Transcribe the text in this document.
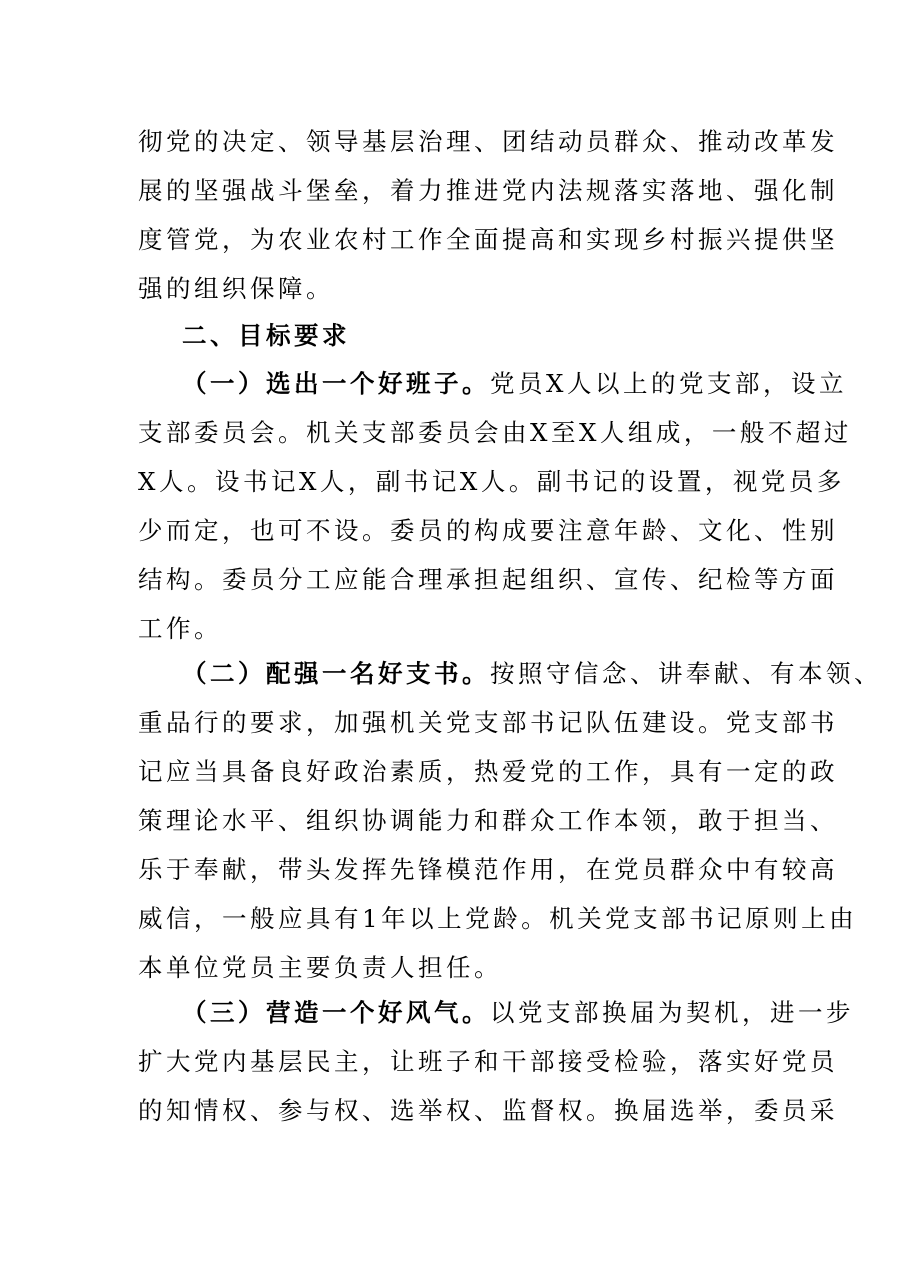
彻党的决定、领导基层治理、团结动员群众、推动改革发
展的坚强战斗堡垒，着力推进党内法规落实落地、强化制
度管党，为农业农村工作全面提高和实现乡村振兴提供坚
强的组织保障。
二、目标要求
（一）选出一个好班子。党员X人以上的党支部，设立
支部委员会。机关支部委员会由X至X人组成，一般不超过
X人。设书记X人，副书记X人。副书记的设置，视党员多
少而定，也可不设。委员的构成要注意年龄、文化、性别
结构。委员分工应能合理承担起组织、宣传、纪检等方面
工作。
（二）配强一名好支书。按照守信念、讲奉献、有本领、
重品行的要求，加强机关党支部书记队伍建设。党支部书
记应当具备良好政治素质，热爱党的工作，具有一定的政
策理论水平、组织协调能力和群众工作本领，敢于担当、
乐于奉献，带头发挥先锋模范作用，在党员群众中有较高
威信，一般应具有1年以上党龄。机关党支部书记原则上由
本单位党员主要负责人担任。
（三）营造一个好风气。以党支部换届为契机，进一步
扩大党内基层民主，让班子和干部接受检验，落实好党员
的知情权、参与权、选举权、监督权。换届选举，委员采
